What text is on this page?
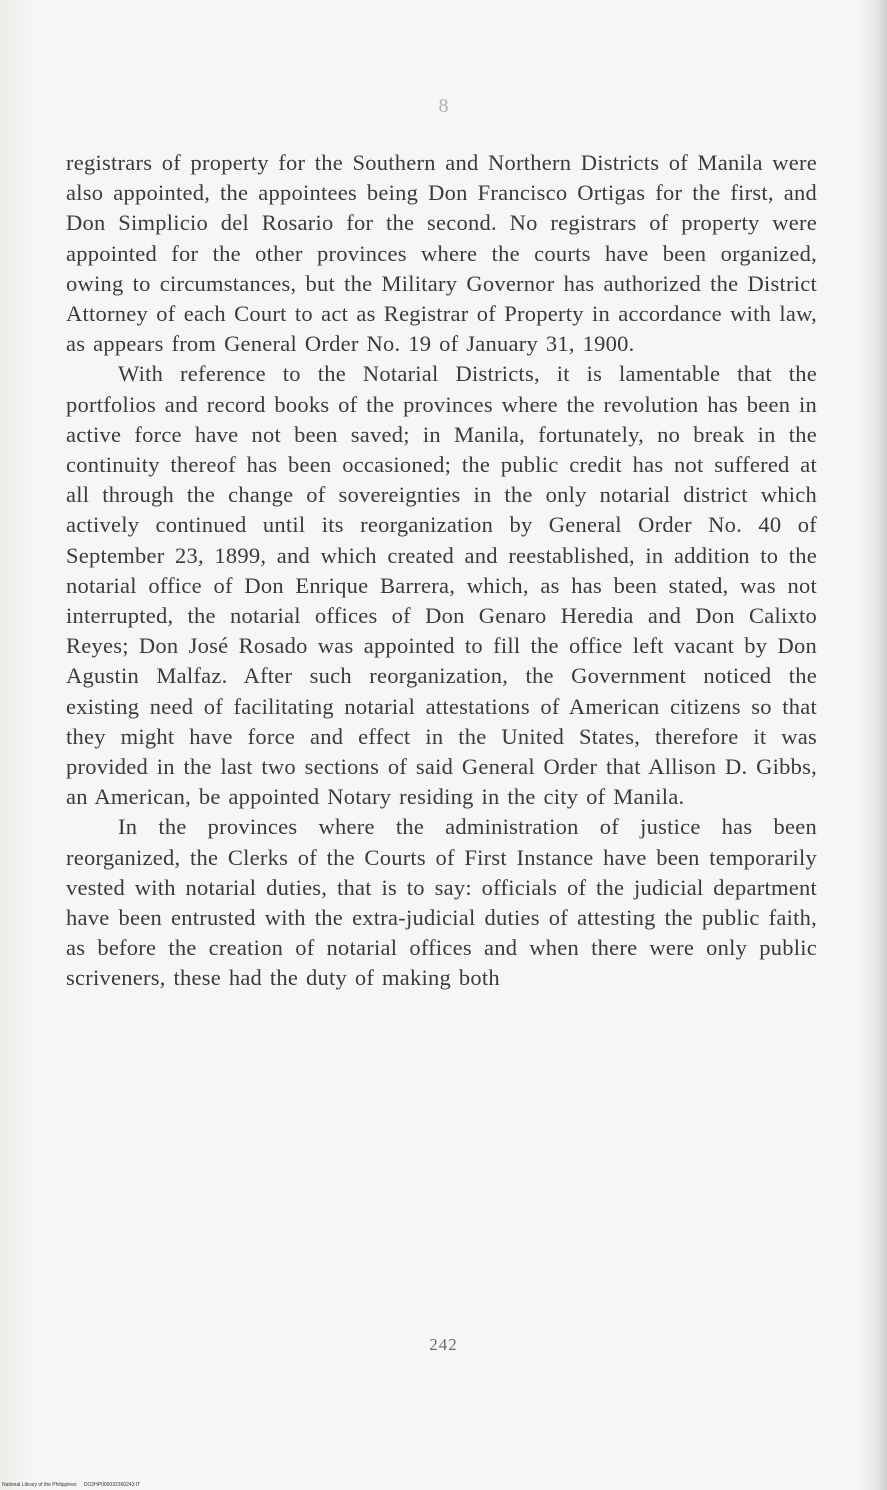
8

registrars of property for the Southern and Northern Districts of Manila were also appointed, the appointees being Don Francisco Ortigas for the first, and Don Simplicio del Rosario for the second. No registrars of property were appointed for the other provinces where the courts have been organized, owing to circumstances, but the Military Governor has authorized the District Attorney of each Court to act as Registrar of Property in accordance with law, as appears from General Order No. 19 of January 31, 1900.

With reference to the Notarial Districts, it is lamentable that the portfolios and record books of the provinces where the revolution has been in active force have not been saved; in Manila, fortunately, no break in the continuity thereof has been occasioned; the public credit has not suffered at all through the change of sovereignties in the only notarial district which actively continued until its reorganization by General Order No. 40 of September 23, 1899, and which created and reestablished, in addition to the notarial office of Don Enrique Barrera, which, as has been stated, was not interrupted, the notarial offices of Don Genaro Heredia and Don Calixto Reyes; Don José Rosado was appointed to fill the office left vacant by Don Agustin Malfaz. After such reorganization, the Government noticed the existing need of facilitating notarial attestations of American citizens so that they might have force and effect in the United States, therefore it was provided in the last two sections of said General Order that Allison D. Gibbs, an American, be appointed Notary residing in the city of Manila.

In the provinces where the administration of justice has been reorganized, the Clerks of the Courts of First Instance have been temporarily vested with notarial duties, that is to say: officials of the judicial department have been entrusted with the extra-judicial duties of attesting the public faith, as before the creation of notarial offices and when there were only public scriveners, these had the duty of making both

242
National Library of the Philippines DO2HP000032360243 IT
